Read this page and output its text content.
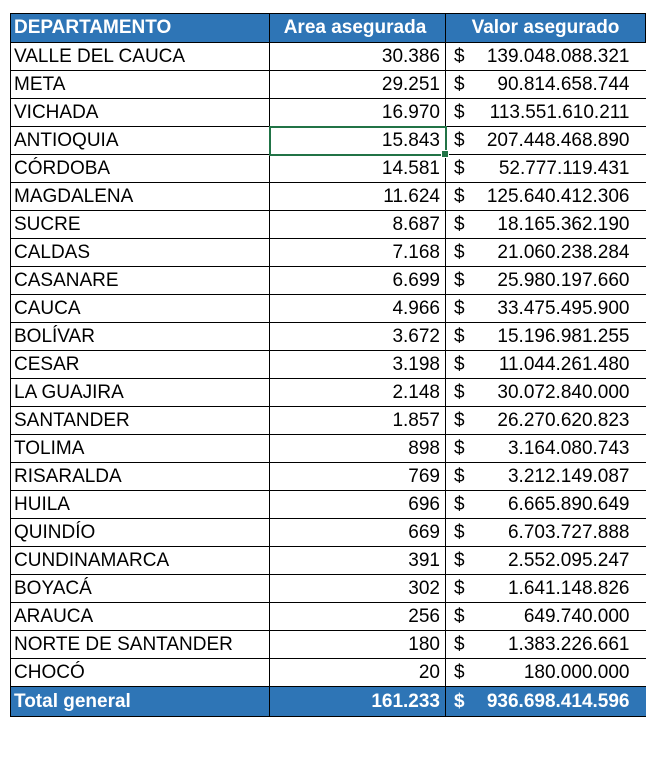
DEPARTAMENTO	Area asegurada	Valor asegurado
VALLE DEL CAUCA	30.386	$ 139.048.088.321

META	29.251	$ 90.814.658.744

VICHADA	16.970	$ 113.551.610.211

ANTIOQUIA	15.843	$ 207.448.468.890

CÓRDOBA	14.581	$ 52.777.119.431

MAGDALENA	11.624	$ 125.640.412.306

SUCRE	8.687	$ 18.165.362.190

CALDAS	7.168	$ 21.060.238.284

CASANARE	6.699	$ 25.980.197.660

CAUCA	4.966	$ 33.475.495.900

BOLÍVAR	3.672	$ 15.196.981.255

CESAR	3.198	$ 11.044.261.480

LA GUAJIRA	2.148	$ 30.072.840.000

SANTANDER	1.857	$ 26.270.620.823

TOLIMA	898	$ 3.164.080.743

RISARALDA	769	$ 3.212.149.087

HUILA	696	$ 6.665.890.649

QUINDÍO	669	$ 6.703.727.888

CUNDINAMARCA	391	$ 2.552.095.247

BOYACÁ	302	$ 1.641.148.826

ARAUCA	256	$ 649.740.000

NORTE DE SANTANDER	180	$ 1.383.226.661

CHOCÓ	20	$ 180.000.000

Total general	161.233	$ 936.698.414.596
